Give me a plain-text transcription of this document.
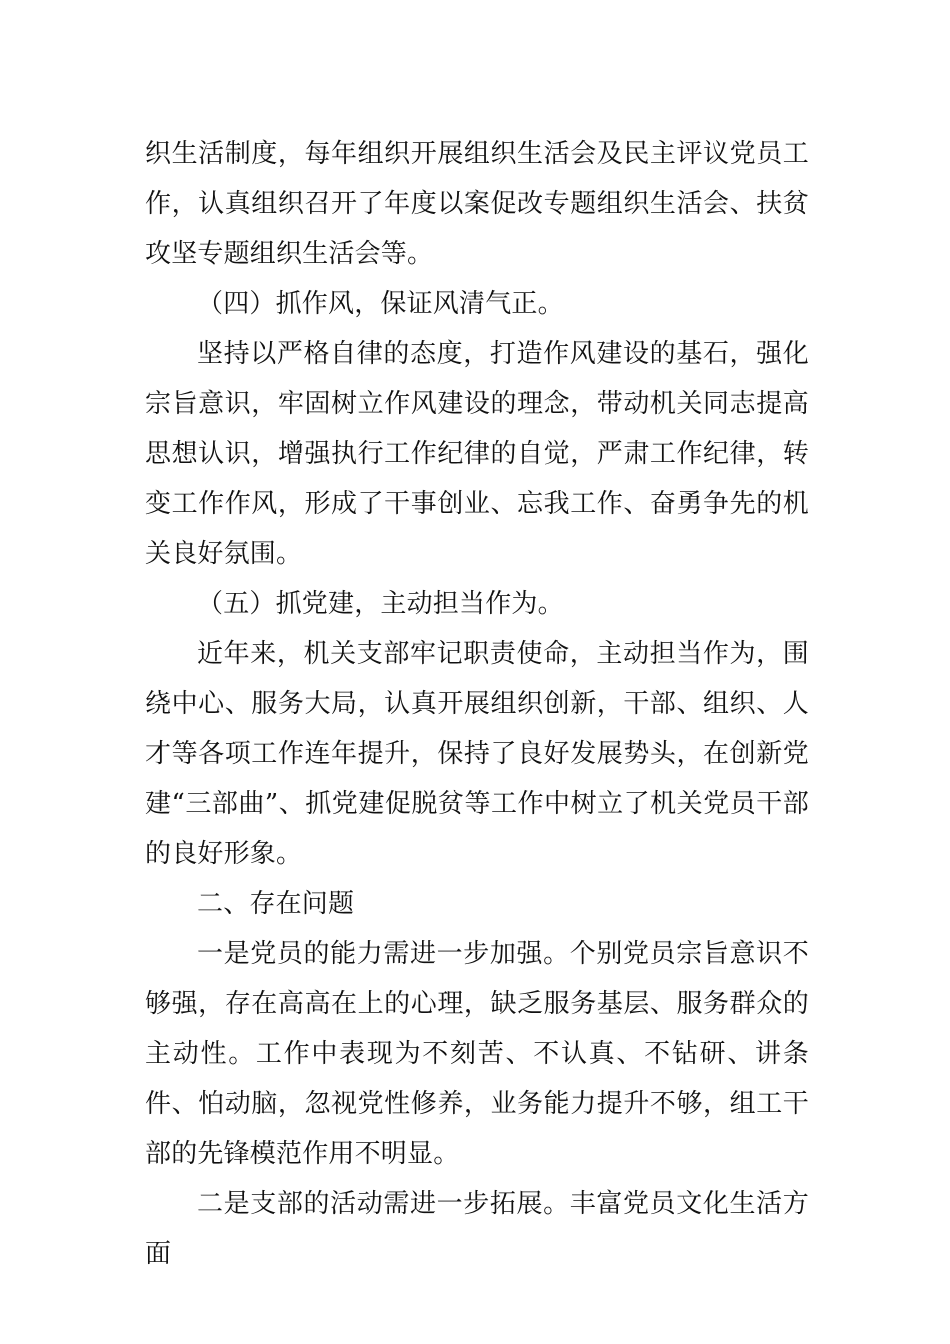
织生活制度，每年组织开展组织生活会及民主评议党员工作，认真组织召开了年度以案促改专题组织生活会、扶贫攻坚专题组织生活会等。

（四）抓作风，保证风清气正。

坚持以严格自律的态度，打造作风建设的基石，强化宗旨意识，牢固树立作风建设的理念，带动机关同志提高思想认识，增强执行工作纪律的自觉，严肃工作纪律，转变工作作风，形成了干事创业、忘我工作、奋勇争先的机关良好氛围。

（五）抓党建，主动担当作为。

近年来，机关支部牢记职责使命，主动担当作为，围绕中心、服务大局，认真开展组织创新，干部、组织、人才等各项工作连年提升，保持了良好发展势头，在创新党建“三部曲”、抓党建促脱贫等工作中树立了机关党员干部的良好形象。

二、存在问题

一是党员的能力需进一步加强。个别党员宗旨意识不够强，存在高高在上的心理，缺乏服务基层、服务群众的主动性。工作中表现为不刻苦、不认真、不钻研、讲条件、怕动脑，忽视党性修养，业务能力提升不够，组工干部的先锋模范作用不明显。

二是支部的活动需进一步拓展。丰富党员文化生活方面
